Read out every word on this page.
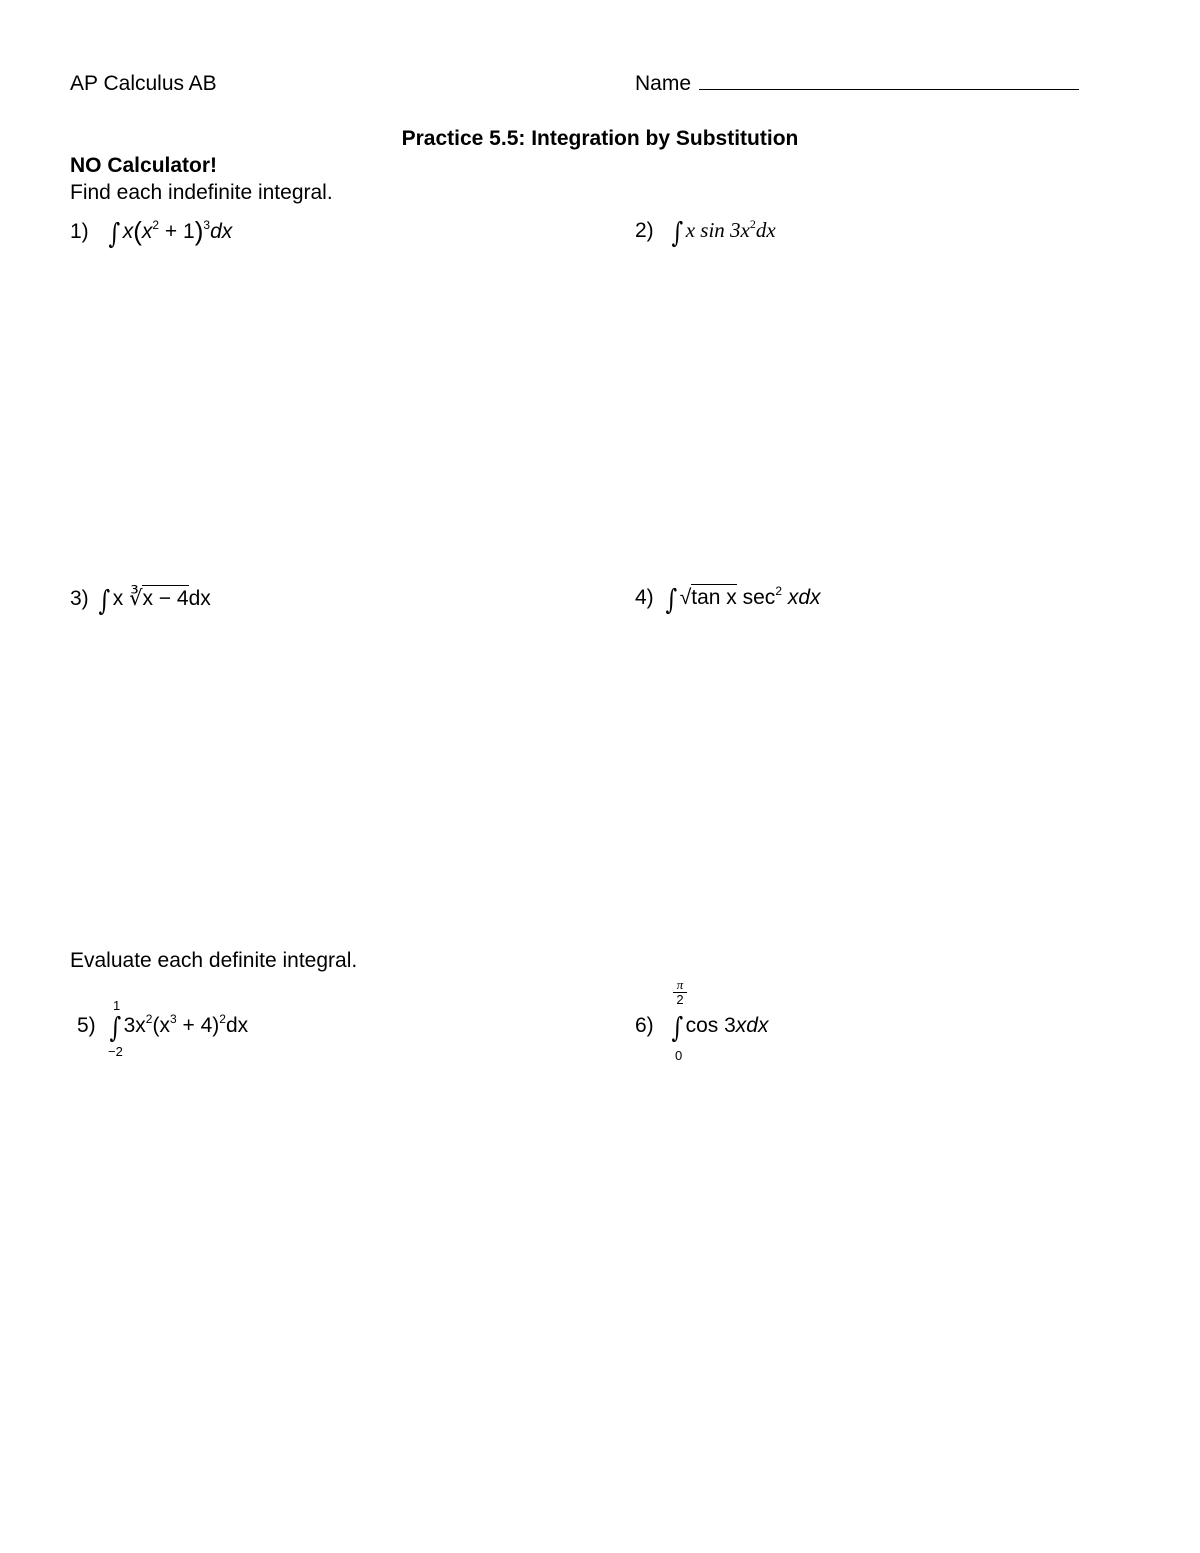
AP Calculus AB	Name
Practice 5.5: Integration by Substitution
NO Calculator!
Find each indefinite integral.
1) ∫ $x(x^2 + 1)^3dx$	2) ∫ x $\sin 3x^2dx$
3) ∫ x ∛x − 4dx	4) ∫ √tan x $\sec^2$ xdx
Evaluate each definite integral.
5)
1
−2
∫ $3x^2(x^3 + 4)^2dx$	6)
π
2
0
∫ cos 3xdx
